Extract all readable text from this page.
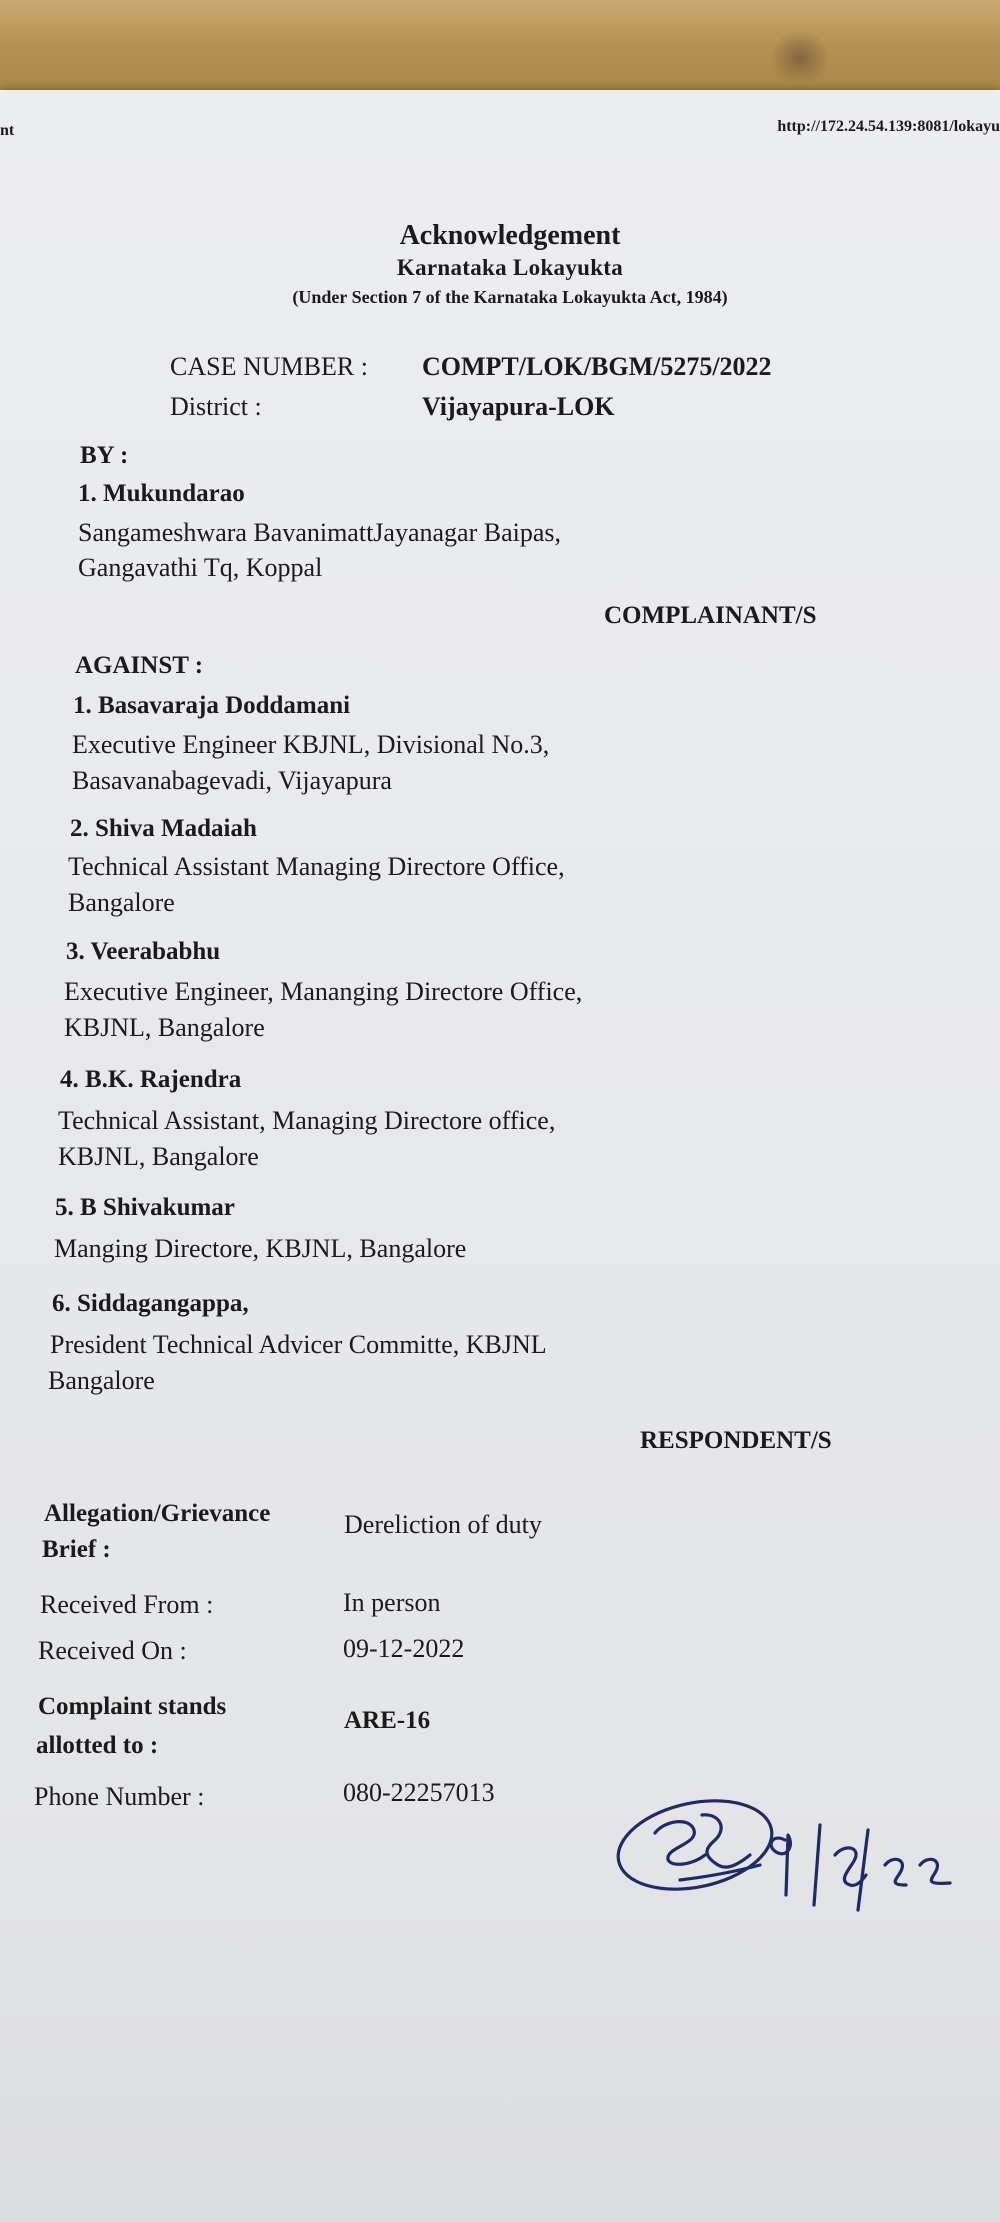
nt	http://172.24.54.139:8081/lokayu
Acknowledgement
Karnataka Lokayukta
(Under Section 7 of the Karnataka Lokayukta Act, 1984)
CASE NUMBER : COMPT/LOK/BGM/5275/2022
District :	Vijayapura-LOK
BY :
1. Mukundarao
Sangameshwara BavanimattJayanagar Baipas,
Gangavathi Tq, Koppal
COMPLAINANT/S
AGAINST :
1. Basavaraja Doddamani
Executive Engineer KBJNL, Divisional No.3,
Basavanabagevadi, Vijayapura
2. Shiva Madaiah
Technical Assistant Managing Directore Office,
Bangalore
3. Veerababhu
Executive Engineer, Mananging Directore Office,
KBJNL, Bangalore
4. B.K. Rajendra
Technical Assistant, Managing Directore office,
KBJNL, Bangalore
5. B Shivakumar
Manging Directore, KBJNL, Bangalore
6. Siddagangappa,
President Technical Advicer Committe, KBJNL
Bangalore
RESPONDENT/S
Allegation/Grievance
Brief :
Dereliction of duty
Received From :	In person
Received On :	09-12-2022
Complaint stands
allotted to :
ARE-16
Phone Number :	080-22257013
